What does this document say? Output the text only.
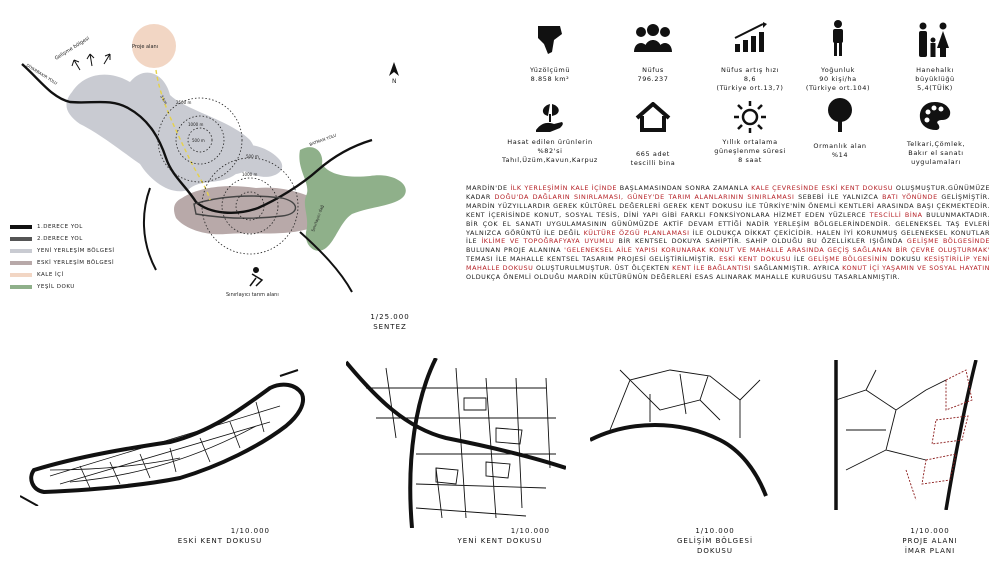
N
Proje alanı
Gelişme bölgesi
DİYARBAKIR YOLU
BATMAN YOLU
Sınırlayıcı dağ
Sınırlayıcı tarım alanı
3 km 2500 m
1000 m
500 m
1000 m
500 m
1.DERECE YOL
2.DERECE YOL
YENİ YERLEŞİM BÖLGESİ
ESKİ YERLEŞİM BÖLGESİ
KALE İÇİ
YEŞİL DOKU
1/25.000
SENTEZ
Yüzölçümü
8.858 km²
Nüfus
796.237
Nüfus artış hızı
8,6
(Türkiye ort.13,7)
Yoğunluk
90 kişi/ha
(Türkiye ort.104)
Hanehalkı
büyüklüğü
5,4(TÜİK)
Hasat edilen ürünlerin
%82'si
Tahıl,Üzüm,Kavun,Karpuz
665 adet
tescilli bina
Yıllık ortalama
güneşlenme süresi
8 saat
Ormanlık alan
%14
Telkari,Çömlek,
Bakır el sanatı
uygulamaları
MARDİN'DE İLK YERLEŞİMİN KALE İÇİNDE BAŞLAMASINDAN SONRA ZAMANLA KALE ÇEVRESİNDE ESKİ KENT DOKUSU OLUŞMUŞTUR.GÜNÜMÜZE KADAR DOĞU'DA DAĞLARIN SINIRLAMASI, GÜNEY'DE TARIM ALANLARININ SINIRLAMASI SEBEBİ İLE YALNIZCA BATI YÖNÜNDE GELİŞMİŞTİR. MARDİN YÜZYILLARDIR GEREK KÜLTÜREL DEĞERLERİ GEREK KENT DOKUSU İLE TÜRKİYE'NİN ÖNEMLİ KENTLERİ ARASINDA BAŞI ÇEKMEKTEDİR. KENT İÇERİSİNDE KONUT, SOSYAL TESİS, DİNİ YAPI GİBİ FARKLI FONKSİYONLARA HİZMET EDEN YÜZLERCE TESCİLLİ BİNA BULUNMAKTADIR. BİR ÇOK EL SANATI UYGULAMASININ GÜNÜMÜZDE AKTİF DEVAM ETTİĞİ NADİR YERLEŞİM BÖLGELERİNDENDİR. GELENEKSEL TAŞ EVLERİ YALNIZCA GÖRÜNTÜ İLE DEĞİL KÜLTÜRE ÖZGÜ PLANLAMASI İLE OLDUKÇA DİKKAT ÇEKİCİDİR. HALEN İYİ KORUNMUŞ GELENEKSEL KONUTLAR İLE İKLİME VE TOPOĞRAFYAYA UYUMLU BİR KENTSEL DOKUYA SAHİPTİR. SAHİP OLDUĞU BU ÖZELLİKLER IŞIĞINDA GELİŞME BÖLGESİNDE BULUNAN PROJE ALANINA 'GELENEKSEL AİLE YAPISI KORUNARAK KONUT VE MAHALLE ARASINDA GEÇİŞ SAĞLANAN BİR ÇEVRE OLUŞTURMAK' TEMASI İLE MAHALLE KENTSEL TASARIM PROJESİ GELİŞTİRİLMİŞTİR. ESKİ KENT DOKUSU İLE GELİŞME BÖLGESİNİN DOKUSU KESİŞTİRİLİP YENİ MAHALLE DOKUSU OLUŞTURULMUŞTUR. ÜST ÖLÇEKTEN KENT İLE BAĞLANTISI SAĞLANMIŞTIR. AYRICA KONUT İÇİ YAŞAMIN VE SOSYAL HAYATIN OLDUKÇA ÖNEMLİ OLDUĞU MARDİN KÜLTÜRÜNÜN DEĞERLERİ ESAS ALINARAK MAHALLE KURUGUSU TASARLANMIŞTIR.
1/10.000
ESKİ KENT DOKUSU
1/10.000
YENİ KENT DOKUSU
1/10.000
GELİŞİM BÖLGESİ
DOKUSU
1/10.000
PROJE ALANI
İMAR PLANI
